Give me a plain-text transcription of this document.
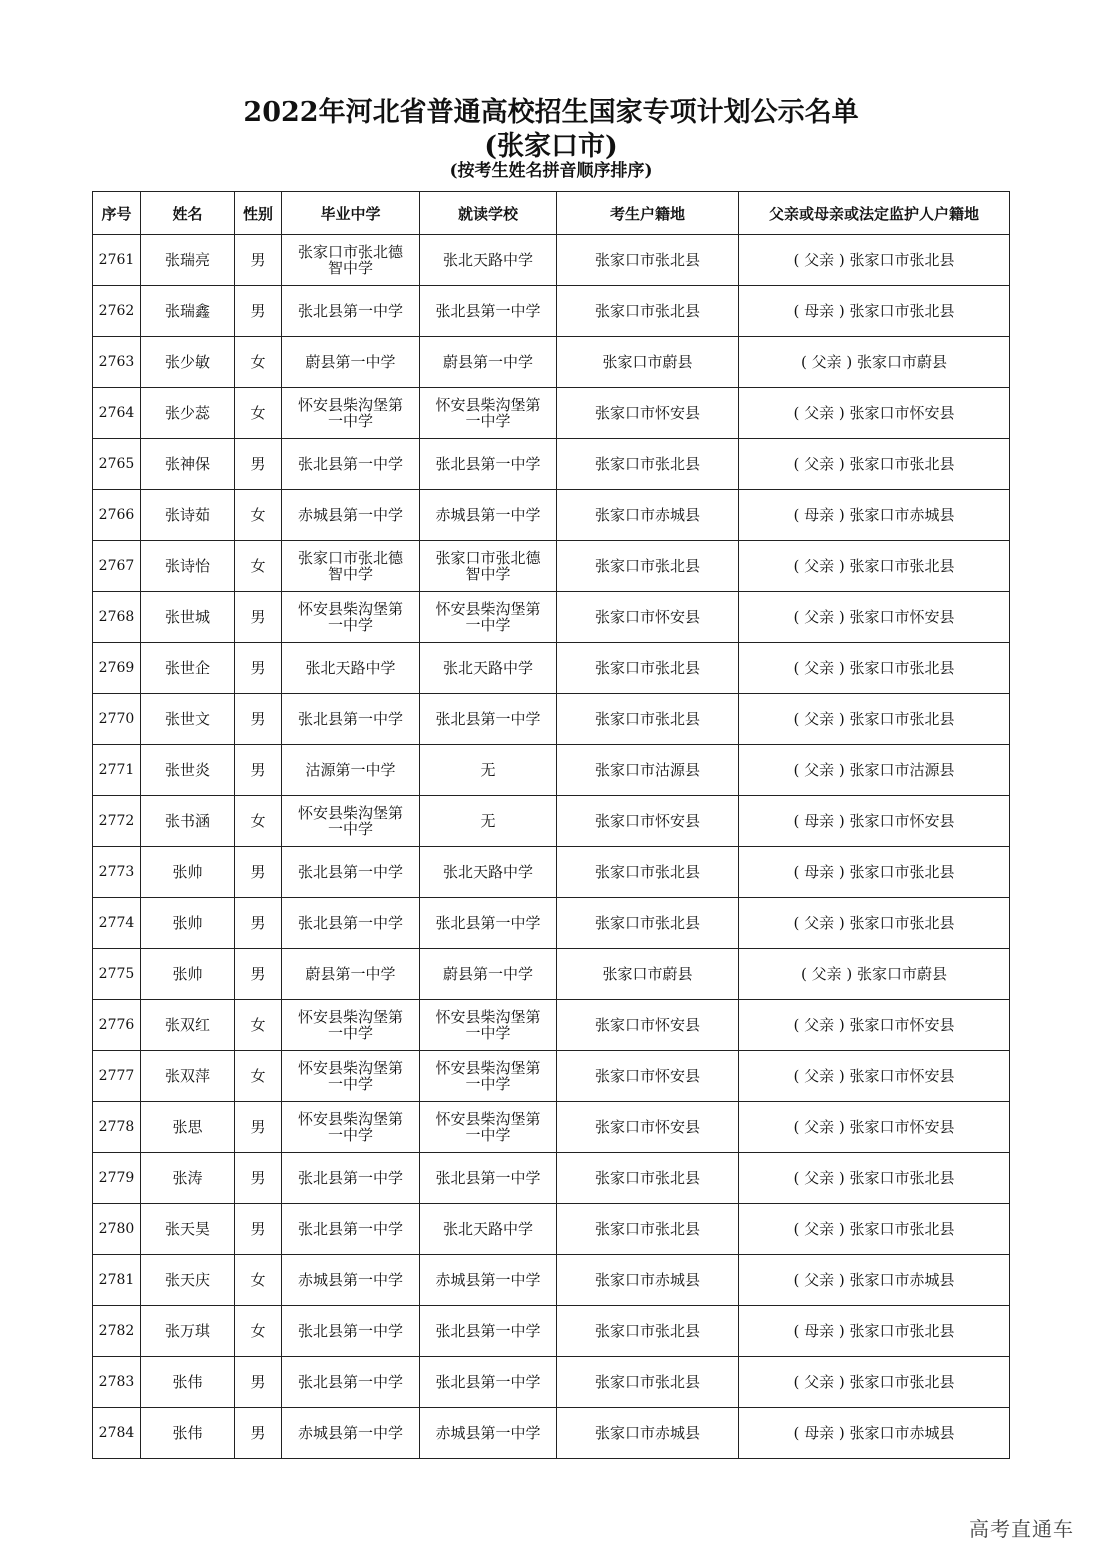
2022年河北省普通高校招生国家专项计划公示名单
(张家口市)
(按考生姓名拼音顺序排序)
序号	姓名	性别	毕业中学	就读学校	考生户籍地	父亲或母亲或法定监护人户籍地
2761	张瑞亮	男	张家口市张北德智中学	张北天路中学	张家口市张北县	( 父亲 ) 张家口市张北县
2762	张瑞鑫	男	张北县第一中学	张北县第一中学	张家口市张北县	( 母亲 ) 张家口市张北县
2763	张少敏	女	蔚县第一中学	蔚县第一中学	张家口市蔚县	( 父亲 ) 张家口市蔚县
2764	张少蕊	女	怀安县柴沟堡第一中学	怀安县柴沟堡第一中学	张家口市怀安县	( 父亲 ) 张家口市怀安县
2765	张神保	男	张北县第一中学	张北县第一中学	张家口市张北县	( 父亲 ) 张家口市张北县
2766	张诗茹	女	赤城县第一中学	赤城县第一中学	张家口市赤城县	( 母亲 ) 张家口市赤城县
2767	张诗怡	女	张家口市张北德智中学	张家口市张北德智中学	张家口市张北县	( 父亲 ) 张家口市张北县
2768	张世城	男	怀安县柴沟堡第一中学	怀安县柴沟堡第一中学	张家口市怀安县	( 父亲 ) 张家口市怀安县
2769	张世企	男	张北天路中学	张北天路中学	张家口市张北县	( 父亲 ) 张家口市张北县
2770	张世文	男	张北县第一中学	张北县第一中学	张家口市张北县	( 父亲 ) 张家口市张北县
2771	张世炎	男	沽源第一中学	无	张家口市沽源县	( 父亲 ) 张家口市沽源县
2772	张书涵	女	怀安县柴沟堡第一中学	无	张家口市怀安县	( 母亲 ) 张家口市怀安县
2773	张帅	男	张北县第一中学	张北天路中学	张家口市张北县	( 母亲 ) 张家口市张北县
2774	张帅	男	张北县第一中学	张北县第一中学	张家口市张北县	( 父亲 ) 张家口市张北县
2775	张帅	男	蔚县第一中学	蔚县第一中学	张家口市蔚县	( 父亲 ) 张家口市蔚县
2776	张双红	女	怀安县柴沟堡第一中学	怀安县柴沟堡第一中学	张家口市怀安县	( 父亲 ) 张家口市怀安县
2777	张双萍	女	怀安县柴沟堡第一中学	怀安县柴沟堡第一中学	张家口市怀安县	( 父亲 ) 张家口市怀安县
2778	张思	男	怀安县柴沟堡第一中学	怀安县柴沟堡第一中学	张家口市怀安县	( 父亲 ) 张家口市怀安县
2779	张涛	男	张北县第一中学	张北县第一中学	张家口市张北县	( 父亲 ) 张家口市张北县
2780	张天昊	男	张北县第一中学	张北天路中学	张家口市张北县	( 父亲 ) 张家口市张北县
2781	张天庆	女	赤城县第一中学	赤城县第一中学	张家口市赤城县	( 父亲 ) 张家口市赤城县
2782	张万琪	女	张北县第一中学	张北县第一中学	张家口市张北县	( 母亲 ) 张家口市张北县
2783	张伟	男	张北县第一中学	张北县第一中学	张家口市张北县	( 父亲 ) 张家口市张北县
2784	张伟	男	赤城县第一中学	赤城县第一中学	张家口市赤城县	( 母亲 ) 张家口市赤城县
高考直通车
